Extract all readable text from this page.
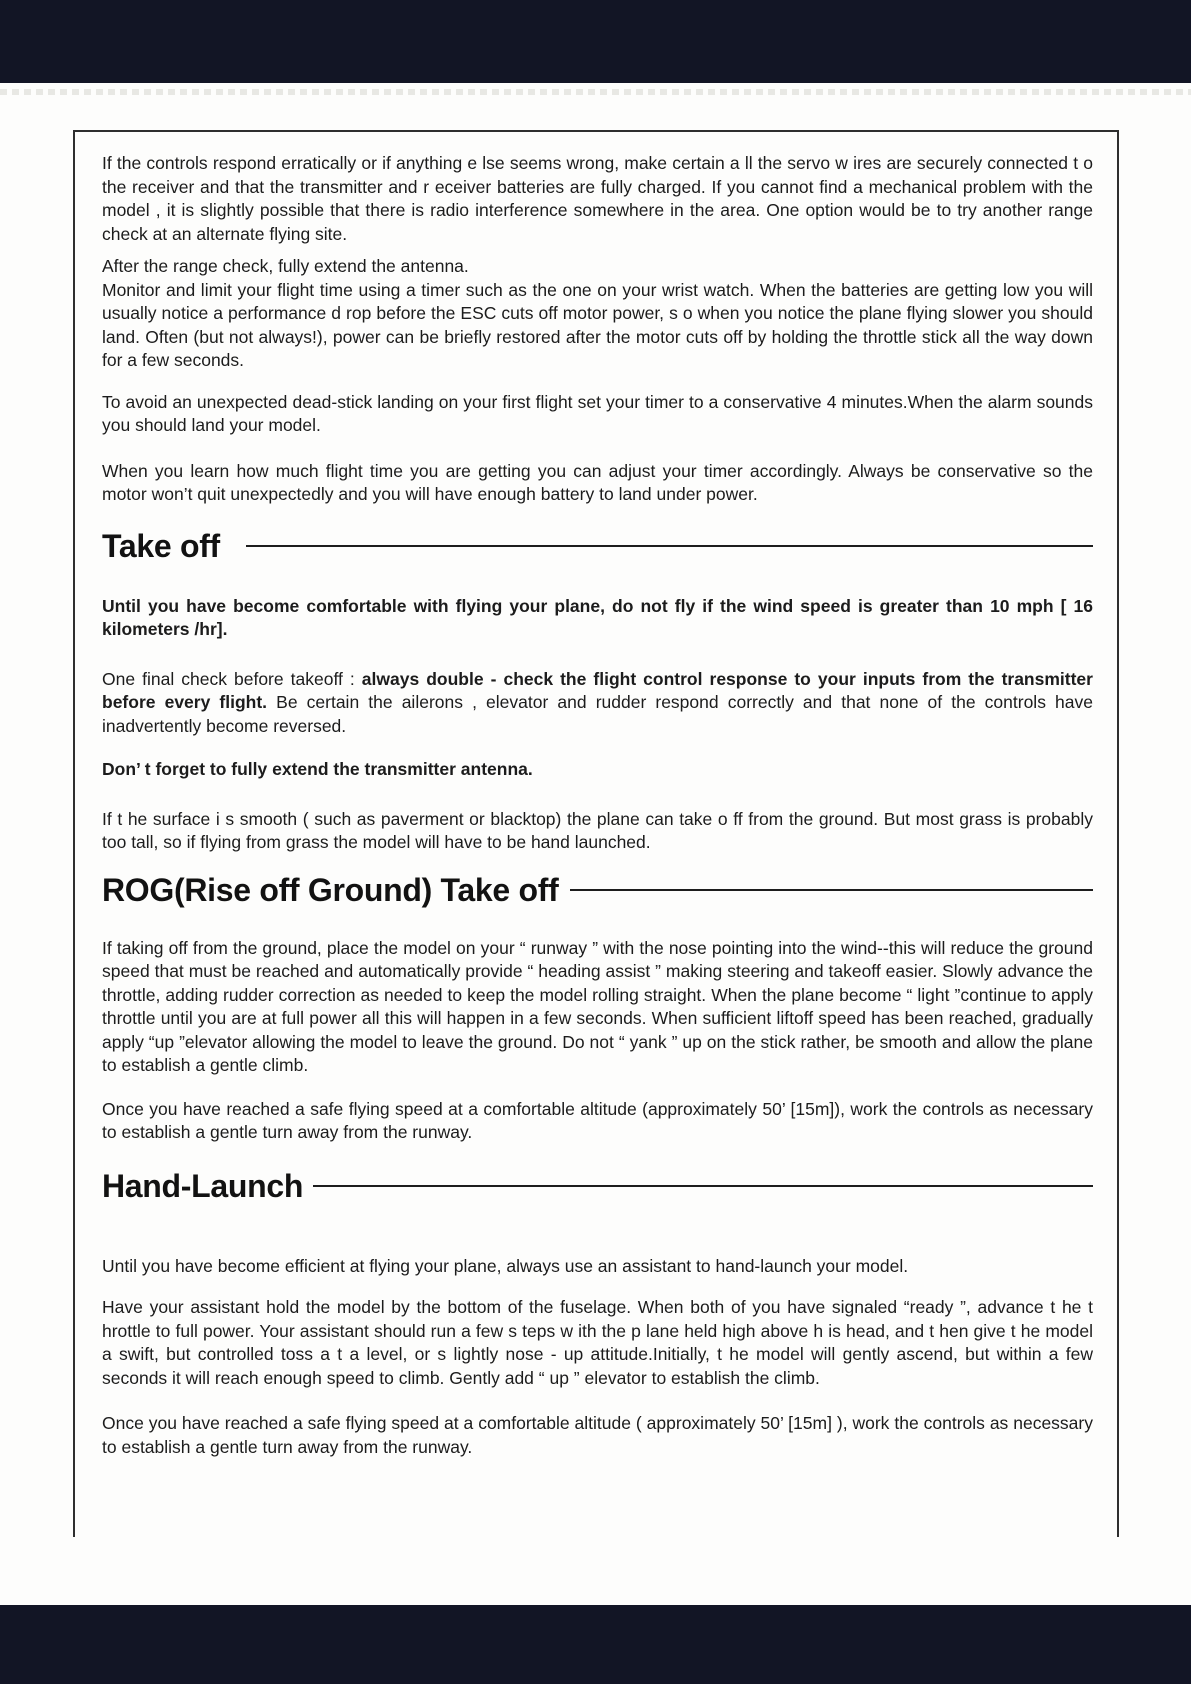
If the controls respond erratically or if anything e lse seems wrong, make certain a ll the servo w ires are securely connected t o the receiver and that the transmitter and r eceiver batteries are fully charged. If you cannot find a mechanical problem with the model , it is slightly possible that there is radio interference somewhere in the area. One option would be to try another range check at an alternate flying site.

After the range check, fully extend the antenna.
Monitor and limit your flight time using a timer such as the one on your wrist watch. When the batteries are getting low you will usually notice a performance d rop before the ESC cuts off motor power, s o when you notice the plane flying slower you should land. Often (but not always!), power can be briefly restored after the motor cuts off by holding the throttle stick all the way down for a few seconds.

To avoid an unexpected dead-stick landing on your first flight set your timer to a conservative 4 minutes.When the alarm sounds you should land your model.

When you learn how much flight time you are getting you can adjust your timer accordingly. Always be conservative so the motor won’t quit unexpectedly and you will have enough battery to land under power.

Take off

Until you have become comfortable with flying your plane, do not fly if the wind speed is greater than 10 mph [ 16 kilometers /hr].

One final check before takeoff : always double - check the flight control response to your inputs from the transmitter before every flight. Be certain the ailerons , elevator and rudder respond correctly and that none of the controls have inadvertently become reversed.

Don’ t forget to fully extend the transmitter antenna.

If t he surface i s smooth ( such as paverment or blacktop) the plane can take o ff from the ground. But most grass is probably too tall, so if flying from grass the model will have to be hand launched.

ROG(Rise off Ground) Take off

If taking off from the ground, place the model on your “ runway ” with the nose pointing into the wind--this will reduce the ground speed that must be reached and automatically provide “ heading assist ” making steering and takeoff easier. Slowly advance the throttle, adding rudder correction as needed to keep the model rolling straight. When the plane become “ light ”continue to apply throttle until you are at full power all this will happen in a few seconds. When sufficient liftoff speed has been reached, gradually apply “up ”elevator allowing the model to leave the ground. Do not “ yank ” up on the stick rather, be smooth and allow the plane to establish a gentle climb.

Once you have reached a safe flying speed at a comfortable altitude (approximately 50’ [15m]), work the controls as necessary to establish a gentle turn away from the runway.

Hand-Launch

Until you have become efficient at flying your plane, always use an assistant to hand-launch your model.

Have your assistant hold the model by the bottom of the fuselage. When both of you have signaled “ready ”, advance t he t hrottle to full power. Your assistant should run a few s teps w ith the p lane held high above h is head, and t hen give t he model a swift, but controlled toss a t a level, or s lightly nose - up attitude.Initially, t he model will gently ascend, but within a few seconds it will reach enough speed to climb. Gently add “ up ” elevator to establish the climb.

Once you have reached a safe flying speed at a comfortable altitude ( approximately 50’ [15m] ), work the controls as necessary to establish a gentle turn away from the runway.
